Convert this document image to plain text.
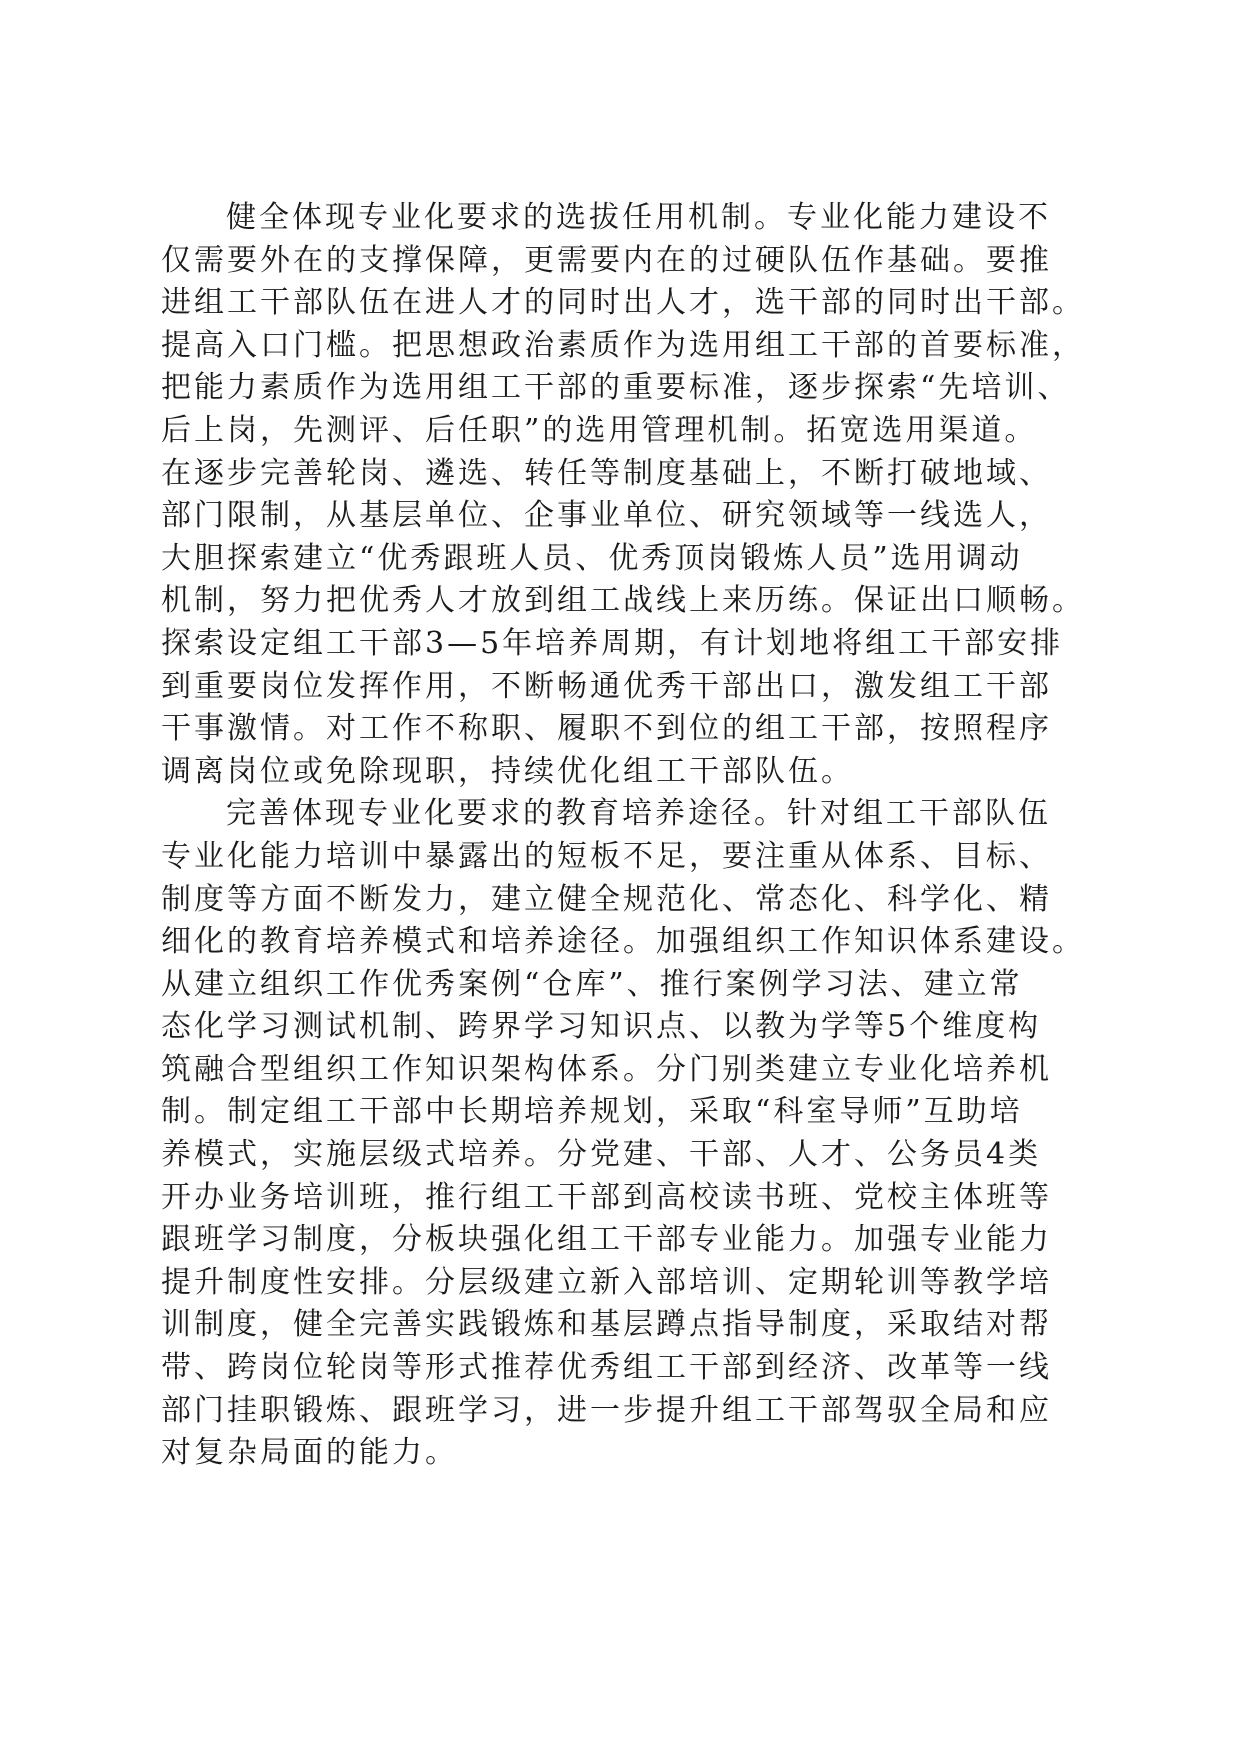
健全体现专业化要求的选拔任用机制。专业化能力建设不
仅需要外在的支撑保障，更需要内在的过硬队伍作基础。要推
进组工干部队伍在进人才的同时出人才，选干部的同时出干部。
提高入口门槛。把思想政治素质作为选用组工干部的首要标准，
把能力素质作为选用组工干部的重要标准，逐步探索“先培训、
后上岗，先测评、后任职”的选用管理机制。拓宽选用渠道。
在逐步完善轮岗、遴选、转任等制度基础上，不断打破地域、
部门限制，从基层单位、企事业单位、研究领域等一线选人，
大胆探索建立“优秀跟班人员、优秀顶岗锻炼人员”选用调动
机制，努力把优秀人才放到组工战线上来历练。保证出口顺畅。
探索设定组工干部3—5年培养周期，有计划地将组工干部安排
到重要岗位发挥作用，不断畅通优秀干部出口，激发组工干部
干事激情。对工作不称职、履职不到位的组工干部，按照程序
调离岗位或免除现职，持续优化组工干部队伍。
完善体现专业化要求的教育培养途径。针对组工干部队伍
专业化能力培训中暴露出的短板不足，要注重从体系、目标、
制度等方面不断发力，建立健全规范化、常态化、科学化、精
细化的教育培养模式和培养途径。加强组织工作知识体系建设。
从建立组织工作优秀案例“仓库”、推行案例学习法、建立常
态化学习测试机制、跨界学习知识点、以教为学等5个维度构
筑融合型组织工作知识架构体系。分门别类建立专业化培养机
制。制定组工干部中长期培养规划，采取“科室导师”互助培
养模式，实施层级式培养。分党建、干部、人才、公务员4类
开办业务培训班，推行组工干部到高校读书班、党校主体班等
跟班学习制度，分板块强化组工干部专业能力。加强专业能力
提升制度性安排。分层级建立新入部培训、定期轮训等教学培
训制度，健全完善实践锻炼和基层蹲点指导制度，采取结对帮
带、跨岗位轮岗等形式推荐优秀组工干部到经济、改革等一线
部门挂职锻炼、跟班学习，进一步提升组工干部驾驭全局和应
对复杂局面的能力。
